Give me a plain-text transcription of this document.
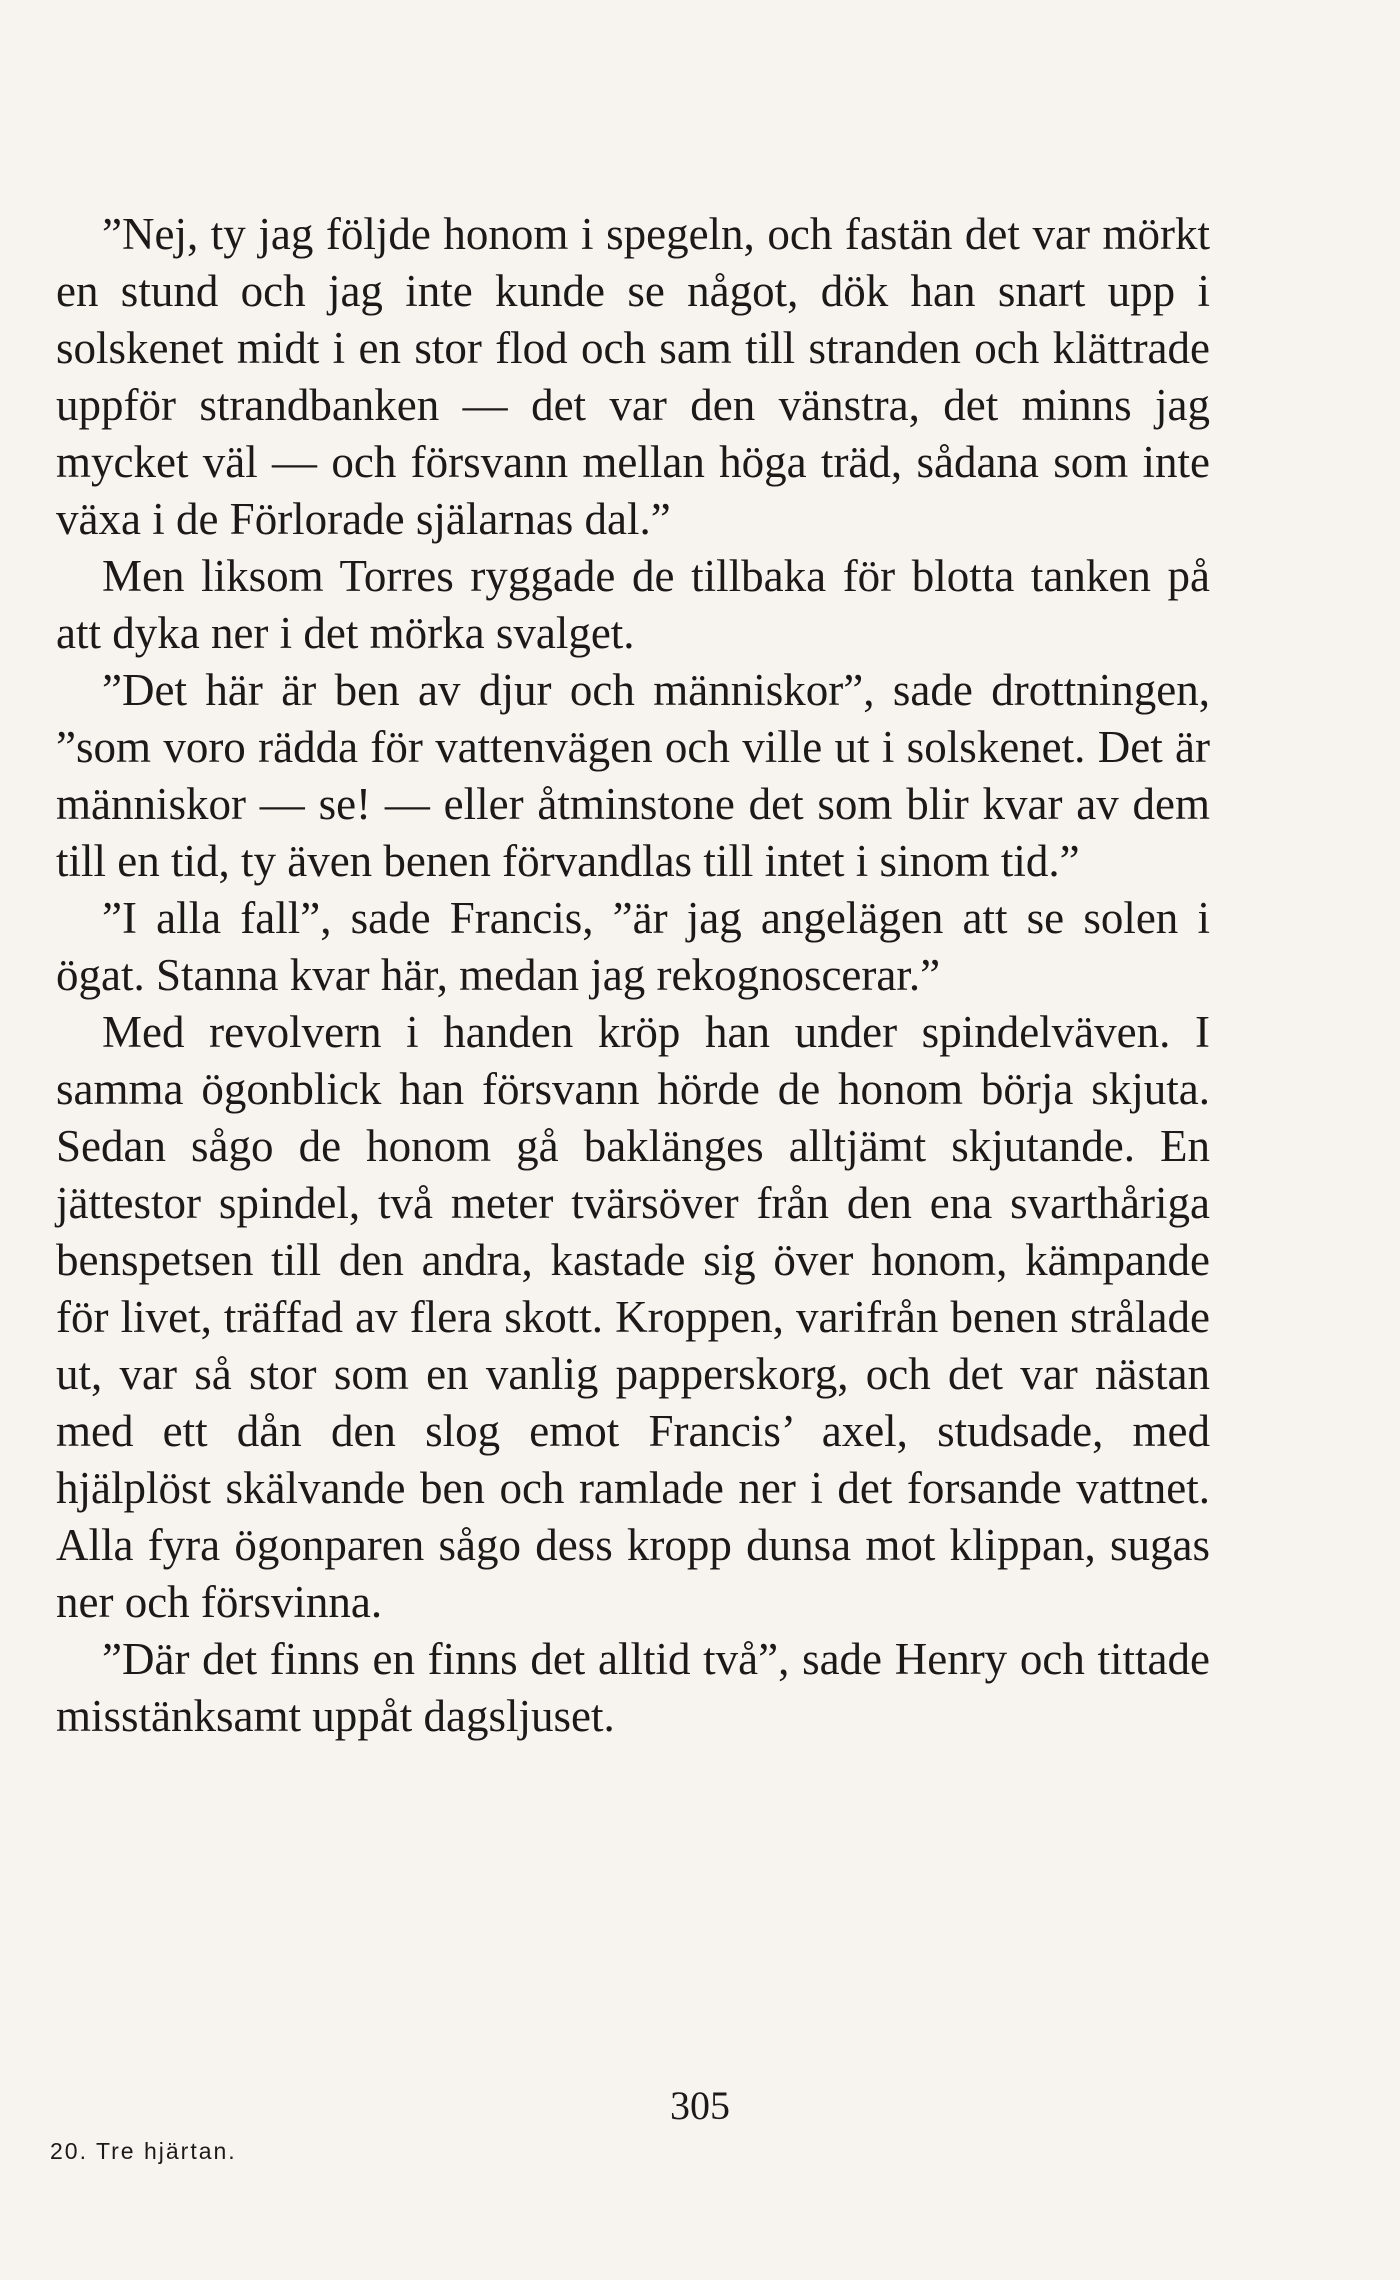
”Nej, ty jag följde honom i spegeln, och fastän det var mörkt en stund och jag inte kunde se något, dök han snart upp i solskenet midt i en stor flod och sam till stranden och klättrade uppför strandbanken — det var den vänstra, det minns jag mycket väl — och försvann mellan höga träd, sådana som inte växa i de Förlorade själarnas dal.”

Men liksom Torres ryggade de tillbaka för blotta tanken på att dyka ner i det mörka svalget.

”Det här är ben av djur och människor”, sade drottningen, ”som voro rädda för vattenvägen och ville ut i solskenet. Det är människor — se! — eller åtminstone det som blir kvar av dem till en tid, ty även benen förvandlas till intet i sinom tid.”

”I alla fall”, sade Francis, ”är jag angelägen att se solen i ögat. Stanna kvar här, medan jag rekognoscerar.”

Med revolvern i handen kröp han under spindelväven. I samma ögonblick han försvann hörde de honom börja skjuta. Sedan sågo de honom gå baklänges alltjämt skjutande. En jättestor spindel, två meter tvärsöver från den ena svarthåriga benspetsen till den andra, kastade sig över honom, kämpande för livet, träffad av flera skott. Kroppen, varifrån benen strålade ut, var så stor som en vanlig papperskorg, och det var nästan med ett dån den slog emot Francis’ axel, studsade, med hjälplöst skälvande ben och ramlade ner i det forsande vattnet. Alla fyra ögonparen sågo dess kropp dunsa mot klippan, sugas ner och försvinna.

”Där det finns en finns det alltid två”, sade Henry och tittade misstänksamt uppåt dagsljuset.

305
20. Tre hjärtan.
